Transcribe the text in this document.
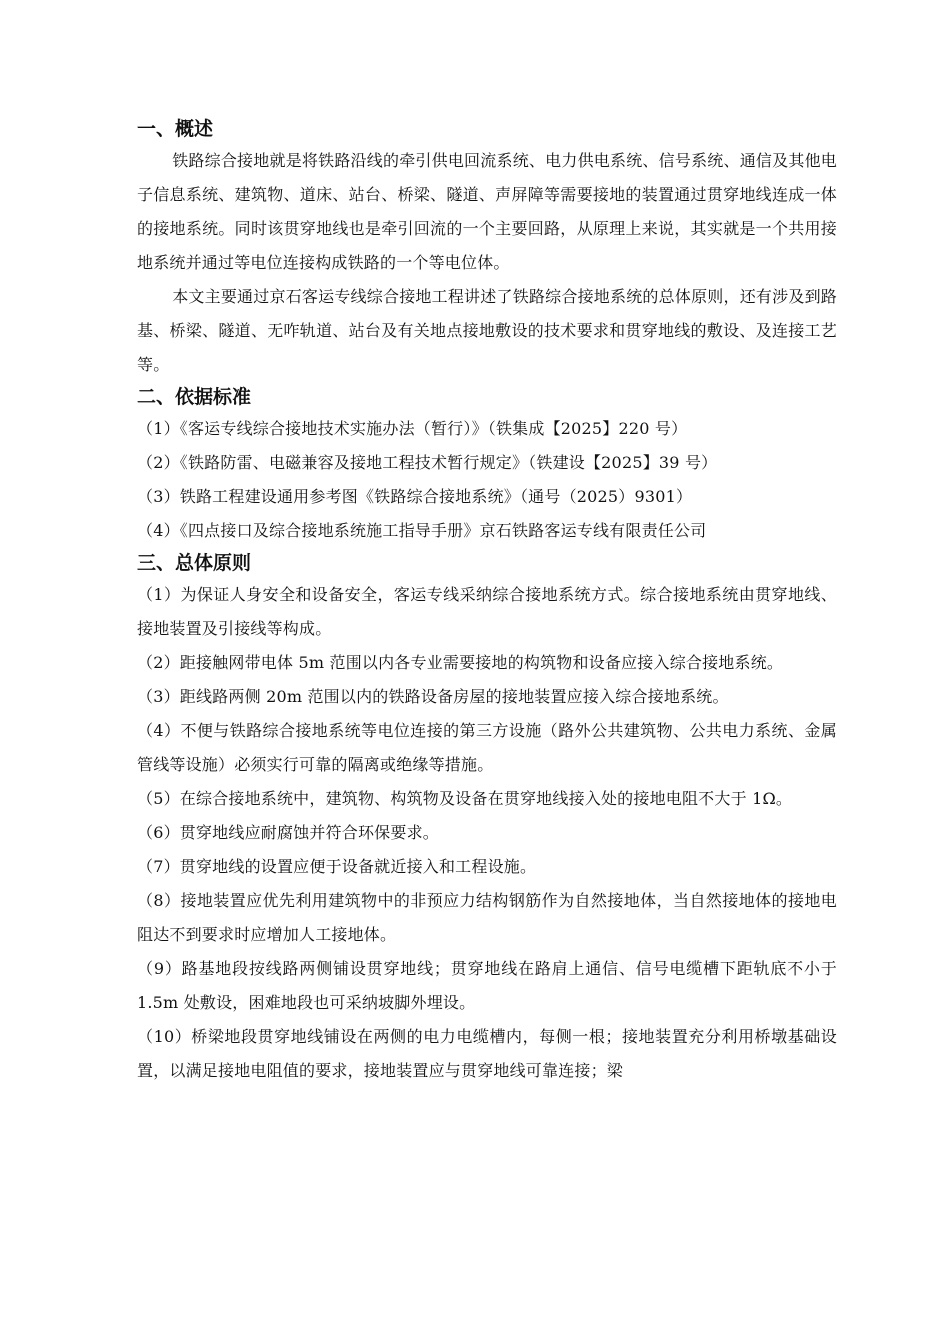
一、概述

铁路综合接地就是将铁路沿线的牵引供电回流系统、电力供电系统、信号系统、通信及其他电子信息系统、建筑物、道床、站台、桥梁、隧道、声屏障等需要接地的装置通过贯穿地线连成一体的接地系统。同时该贯穿地线也是牵引回流的一个主要回路，从原理上来说，其实就是一个共用接地系统并通过等电位连接构成铁路的一个等电位体。

本文主要通过京石客运专线综合接地工程讲述了铁路综合接地系统的总体原则，还有涉及到路基、桥梁、隧道、无咋轨道、站台及有关地点接地敷设的技术要求和贯穿地线的敷设、及连接工艺等。

二、依据标准

（1）《客运专线综合接地技术实施办法（暂行）》（铁集成【2025】220 号）

（2）《铁路防雷、电磁兼容及接地工程技术暂行规定》（铁建设【2025】39 号）

（3）铁路工程建设通用参考图《铁路综合接地系统》（通号（2025）9301）

（4）《四点接口及综合接地系统施工指导手册》京石铁路客运专线有限责任公司

三、总体原则

（1）为保证人身安全和设备安全，客运专线采纳综合接地系统方式。综合接地系统由贯穿地线、接地装置及引接线等构成。

（2）距接触网带电体 5m 范围以内各专业需要接地的构筑物和设备应接入综合接地系统。

（3）距线路两侧 20m 范围以内的铁路设备房屋的接地装置应接入综合接地系统。

（4）不便与铁路综合接地系统等电位连接的第三方设施（路外公共建筑物、公共电力系统、金属管线等设施）必须实行可靠的隔离或绝缘等措施。

（5）在综合接地系统中，建筑物、构筑物及设备在贯穿地线接入处的接地电阻不大于 1Ω。

（6）贯穿地线应耐腐蚀并符合环保要求。

（7）贯穿地线的设置应便于设备就近接入和工程设施。

（8）接地装置应优先利用建筑物中的非预应力结构钢筋作为自然接地体，当自然接地体的接地电阻达不到要求时应增加人工接地体。

（9）路基地段按线路两侧铺设贯穿地线；贯穿地线在路肩上通信、信号电缆槽下距轨底不小于 1.5m 处敷设，困难地段也可采纳坡脚外埋设。

（10）桥梁地段贯穿地线铺设在两侧的电力电缆槽内，每侧一根；接地装置充分利用桥墩基础设置，以满足接地电阻值的要求，接地装置应与贯穿地线可靠连接；梁
